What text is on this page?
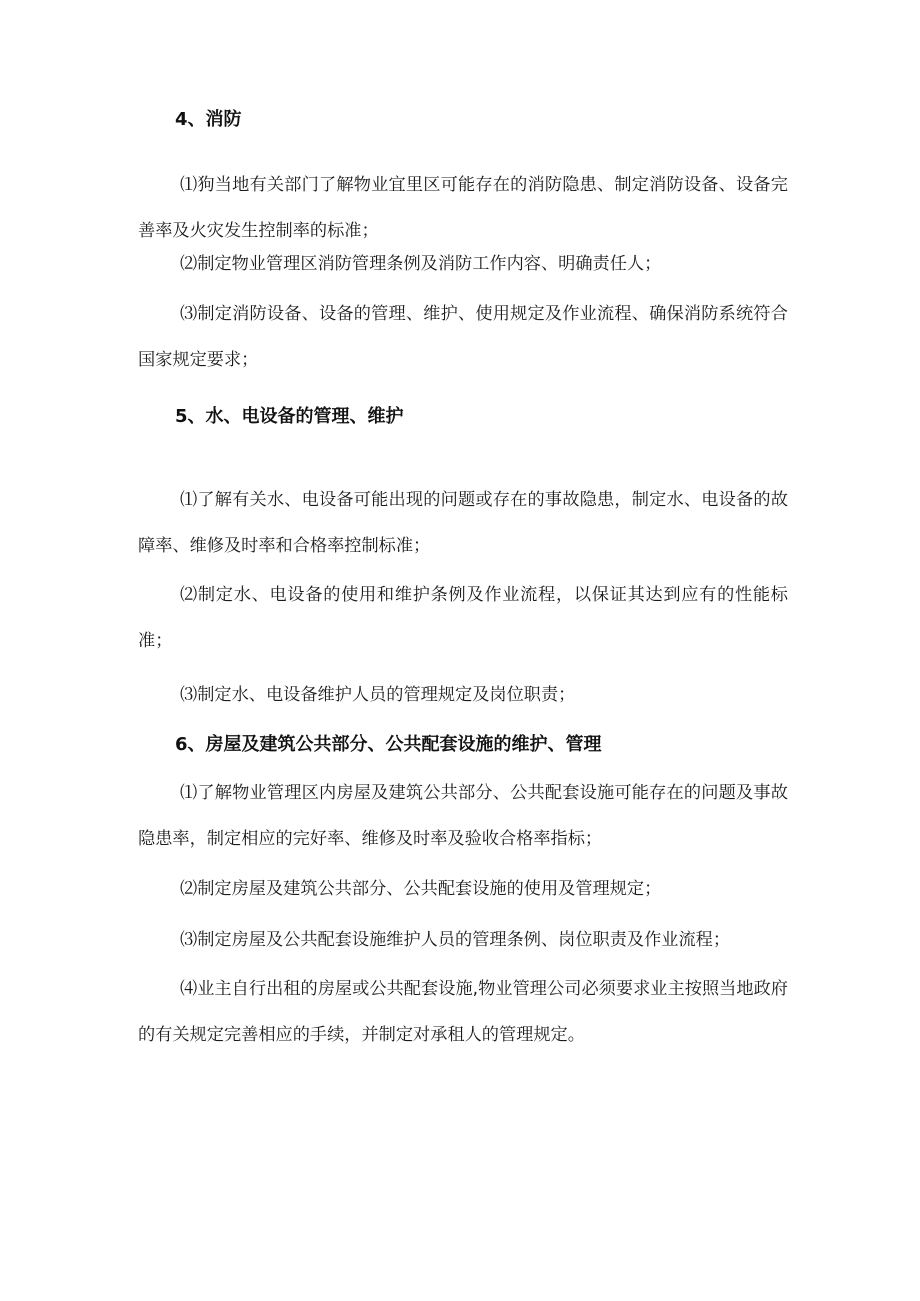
4、消防
⑴狗当地有关部门了解物业宜里区可能存在的消防隐患、制定消防设备、设备完善率及火灾发生控制率的标准；
⑵制定物业管理区消防管理条例及消防工作内容、明确责任人；
⑶制定消防设备、设备的管理、维护、使用规定及作业流程、确保消防系统符合国家规定要求；
5、水、电设备的管理、维护
⑴了解有关水、电设备可能出现的问题或存在的事故隐患，制定水、电设备的故障率、维修及时率和合格率控制标准；
⑵制定水、电设备的使用和维护条例及作业流程，以保证其达到应有的性能标准；
⑶制定水、电设备维护人员的管理规定及岗位职责；
6、房屋及建筑公共部分、公共配套设施的维护、管理
⑴了解物业管理区内房屋及建筑公共部分、公共配套设施可能存在的问题及事故隐患率，制定相应的完好率、维修及时率及验收合格率指标；
⑵制定房屋及建筑公共部分、公共配套设施的使用及管理规定；
⑶制定房屋及公共配套设施维护人员的管理条例、岗位职责及作业流程；
⑷业主自行出租的房屋或公共配套设施,物业管理公司必须要求业主按照当地政府的有关规定完善相应的手续，并制定对承租人的管理规定。
